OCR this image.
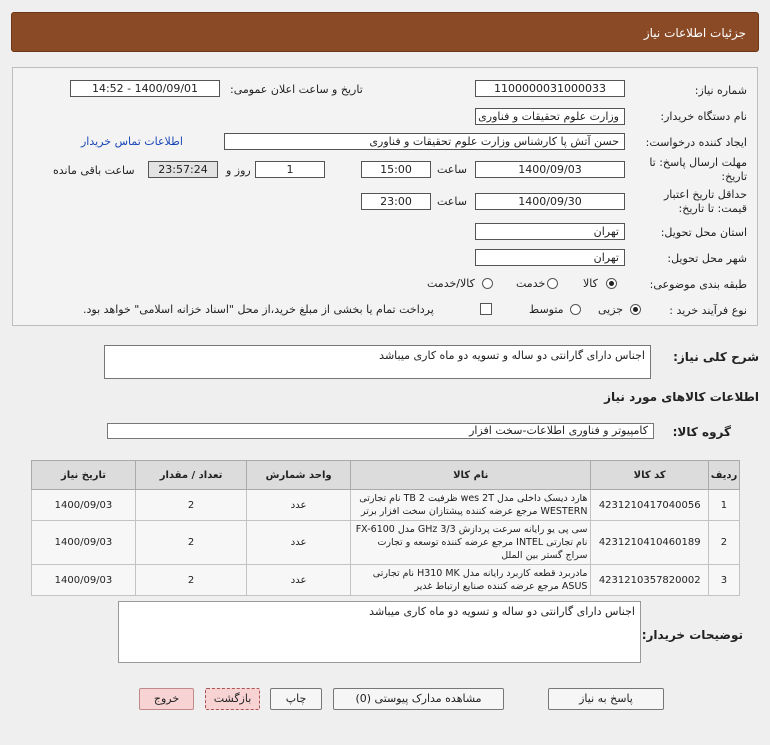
جزئیات اطلاعات نیاز
شماره نیاز:
1100000031000033
تاریخ و ساعت اعلان عمومی:
1400/09/01 - 14:52
نام دستگاه خریدار:
وزارت علوم تحقیقات و فناوری
ایجاد کننده درخواست:
حسن آتش پا کارشناس وزارت علوم تحقیقات و فناوری
اطلاعات تماس خریدار
مهلت ارسال پاسخ: تا
تاریخ:
1400/09/03
ساعت
15:00
1
روز و
23:57:24
ساعت باقی مانده
حداقل تاریخ اعتبار
قیمت: تا تاریخ:
1400/09/30
ساعت
23:00
استان محل تحویل:
تهران
شهر محل تحویل:
تهران
طبقه بندی موضوعی:
کالا
خدمت
کالا/خدمت
نوع فرآیند خرید :
جزیی
متوسط
پرداخت تمام یا بخشی از مبلغ خرید،از محل "اسناد خزانه اسلامی" خواهد بود.
شرح کلی نیاز:
اجناس دارای گارانتی دو ساله و تسویه دو ماه کاری میباشد
اطلاعات کالاهای مورد نیاز
گروه کالا:
کامپیوتر و فناوری اطلاعات-سخت افزار
ردیف	کد کالا	نام کالا	واحد شمارش	تعداد / مقدار	تاریخ نیاز
1	4231210417040056	هارد دیسک داخلی مدل wes 2T ظرفیت 2 TB نام تجارتی WESTERN مرجع عرضه کننده پیشتازان سخت افزار برتر	عدد	2	1400/09/03
2	4231210410460189	سی پی یو رایانه سرعت پردازش GHz 3/3 مدل FX-6100 نام تجارتی INTEL مرجع عرضه کننده توسعه و تجارت سراج گستر بین الملل	عدد	2	1400/09/03
3	4231210357820002	مادربرد قطعه کاربرد رایانه مدل H310 MK نام تجارتی ASUS مرجع عرضه کننده صنایع ارتباط غدیر	عدد	2	1400/09/03
توضیحات خریدار:
اجناس دارای گارانتی دو ساله و تسویه دو ماه کاری میباشد
پاسخ به نیاز
مشاهده مدارک پیوستی (0)
چاپ
بازگشت
خروج
